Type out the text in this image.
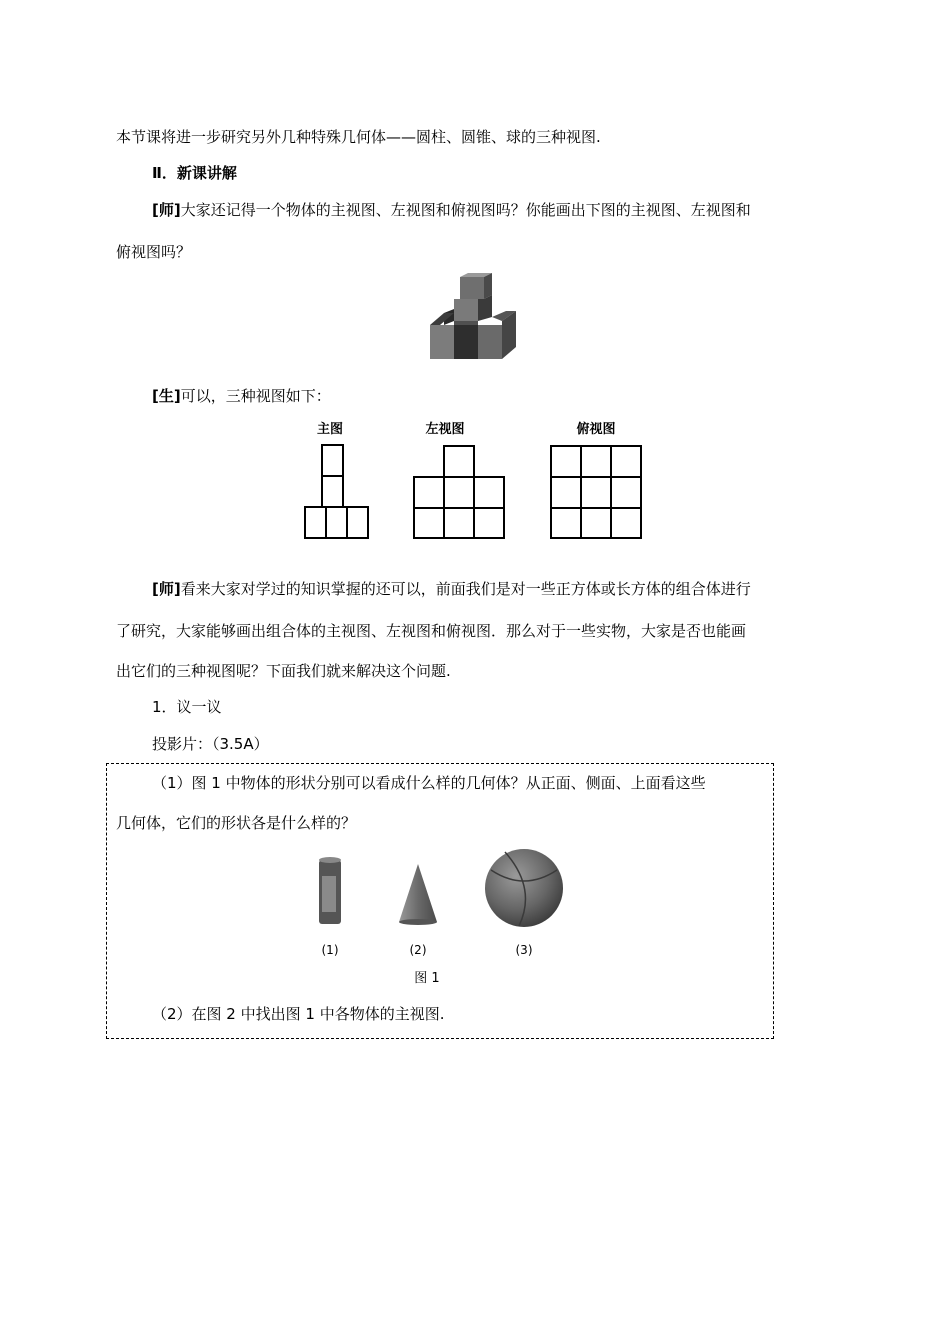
本节课将进一步研究另外几种特殊几何体——圆柱、圆锥、球的三种视图.
Ⅱ．新课讲解
[师]大家还记得一个物体的主视图、左视图和俯视图吗？你能画出下图的主视图、左视图和
俯视图吗？
[生]可以，三种视图如下：
主图	左视图	俯视图
[师]看来大家对学过的知识掌握的还可以，前面我们是对一些正方体或长方体的组合体进行
了研究，大家能够画出组合体的主视图、左视图和俯视图．那么对于一些实物，大家是否也能画
出它们的三种视图呢？下面我们就来解决这个问题.
1．议一议
投影片：（3.5A）
（1）图 1 中物体的形状分别可以看成什么样的几何体？从正面、侧面、上面看这些
几何体，它们的形状各是什么样的？
(1)	(2)	(3)
图 1
（2）在图 2 中找出图 1 中各物体的主视图.
